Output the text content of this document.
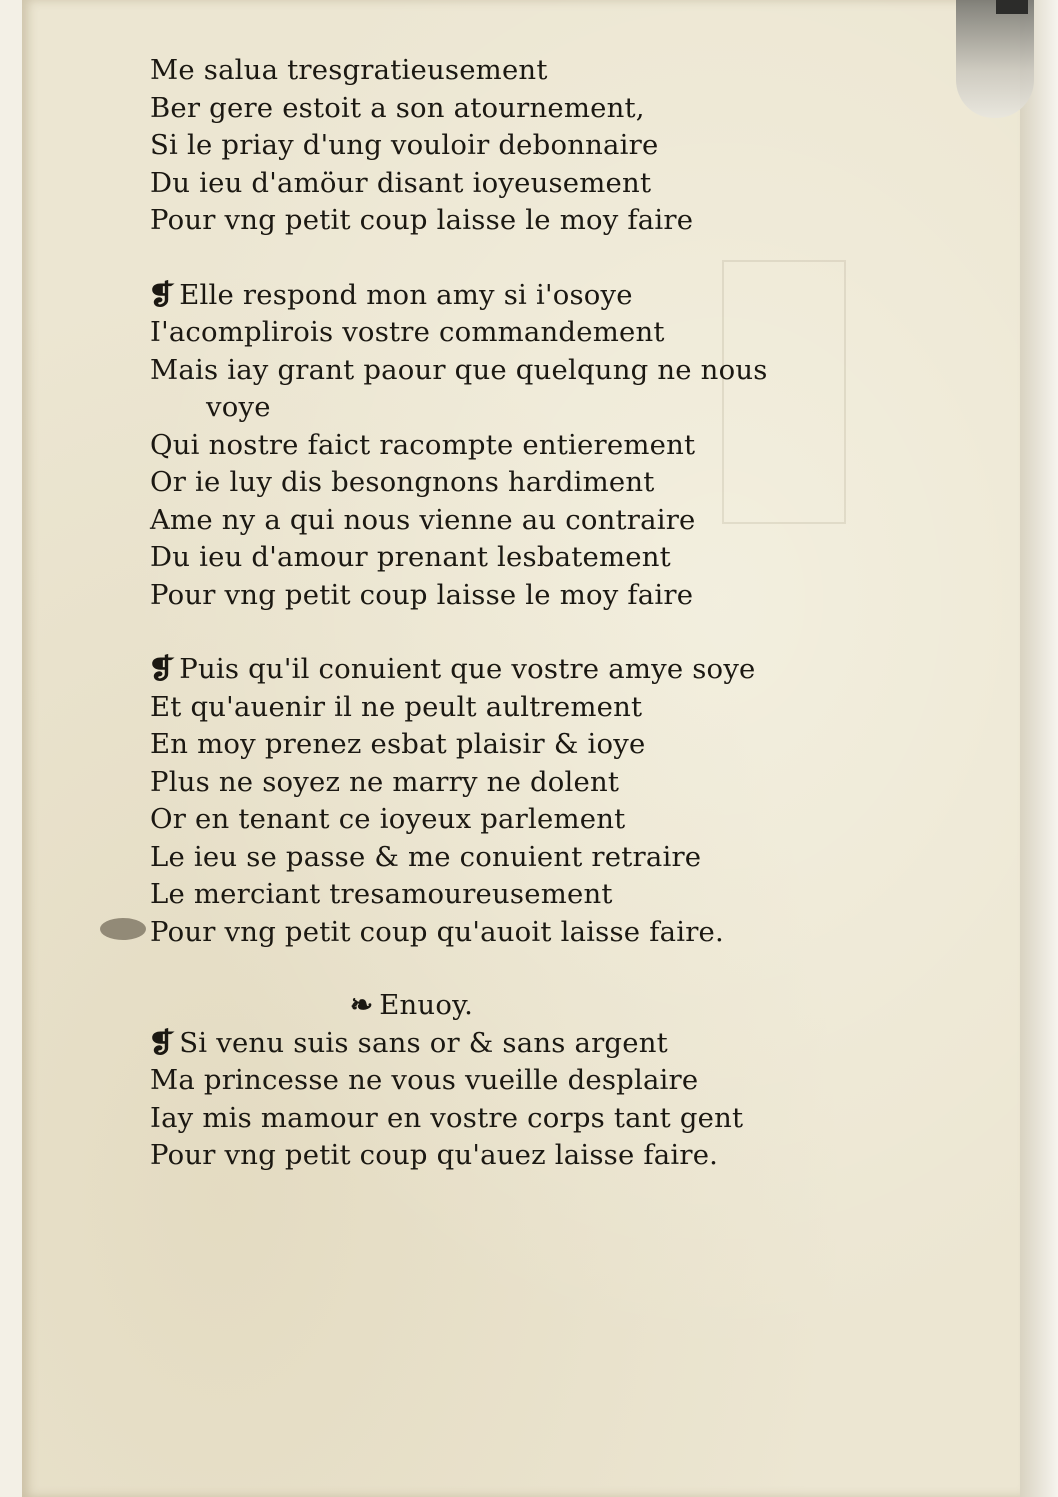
Me salua tresgratieusement
Ber gere estoit a son atournement,
Si le priay d'ung vouloir debonnaire
Du ieu d'amöur disant ioyeusement
Pour vng petit coup laisse le moy faire
❡ Elle respond mon amy si i'osoye
I'acomplirois vostre commandement
Mais iay grant paour que quelqung ne nous
voye
Qui nostre faict racompte entierement
Or ie luy dis besongnons hardiment
Ame ny a qui nous vienne au contraire
Du ieu d'amour prenant lesbatement
Pour vng petit coup laisse le moy faire
❡ Puis qu'il conuient que vostre amye soye
Et qu'auenir il ne peult aultrement
En moy prenez esbat plaisir & ioye
Plus ne soyez ne marry ne dolent
Or en tenant ce ioyeux parlement
Le ieu se passe & me conuient retraire
Le merciant tresamoureusement
Pour vng petit coup qu'auoit laisse faire.
❧ Enuoy.
❡ Si venu suis sans or & sans argent
Ma princesse ne vous vueille desplaire
Iay mis mamour en vostre corps tant gent
Pour vng petit coup qu'auez laisse faire.
